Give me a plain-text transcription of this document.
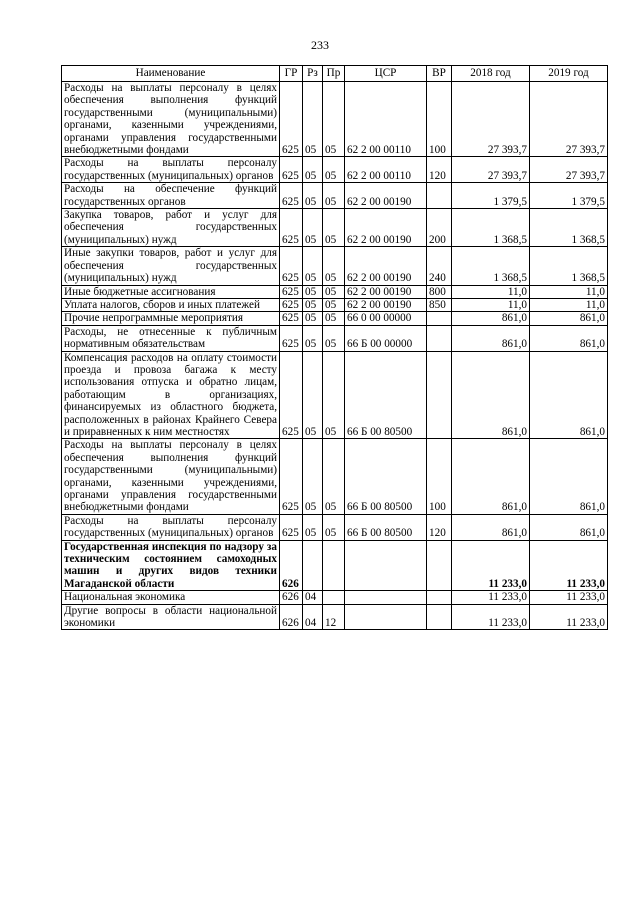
233
Наименование	ГР	Рз	Пр	ЦСР	ВР	2018 год	2019 год
Расходы на выплаты персоналу в целях обеспечения выполнения функций государственными (муниципальными) органами, казенными учреждениями, органами управления государственными внебюджетными фондами	625	05	05	62 2 00 00110	100	27 393,7	27 393,7
Расходы на выплаты персоналу государственных (муниципальных) органов	625	05	05	62 2 00 00110	120	27 393,7	27 393,7
Расходы на обеспечение функций государственных органов	625	05	05	62 2 00 00190		1 379,5	1 379,5
Закупка товаров, работ и услуг для обеспечения государственных (муниципальных) нужд	625	05	05	62 2 00 00190	200	1 368,5	1 368,5
Иные закупки товаров, работ и услуг для обеспечения государственных (муниципальных) нужд	625	05	05	62 2 00 00190	240	1 368,5	1 368,5
Иные бюджетные ассигнования	625	05	05	62 2 00 00190	800	11,0	11,0
Уплата налогов, сборов и иных платежей	625	05	05	62 2 00 00190	850	11,0	11,0
Прочие непрограммные мероприятия	625	05	05	66 0 00 00000		861,0	861,0
Расходы, не отнесенные к публичным нормативным обязательствам	625	05	05	66 Б 00 00000		861,0	861,0
Компенсация расходов на оплату стоимости проезда и провоза багажа к месту использования отпуска и обратно лицам, работающим в организациях, финансируемых из областного бюджета, расположенных в районах Крайнего Севера и приравненных к ним местностях	625	05	05	66 Б 00 80500		861,0	861,0
Расходы на выплаты персоналу в целях обеспечения выполнения функций государственными (муниципальными) органами, казенными учреждениями, органами управления государственными внебюджетными фондами	625	05	05	66 Б 00 80500	100	861,0	861,0
Расходы на выплаты персоналу государственных (муниципальных) органов	625	05	05	66 Б 00 80500	120	861,0	861,0
Государственная инспекция по надзору за техническим состоянием самоходных машин и других видов техники Магаданской области	626					11 233,0	11 233,0
Национальная экономика	626	04				11 233,0	11 233,0
Другие вопросы в области национальной экономики	626	04	12			11 233,0	11 233,0
